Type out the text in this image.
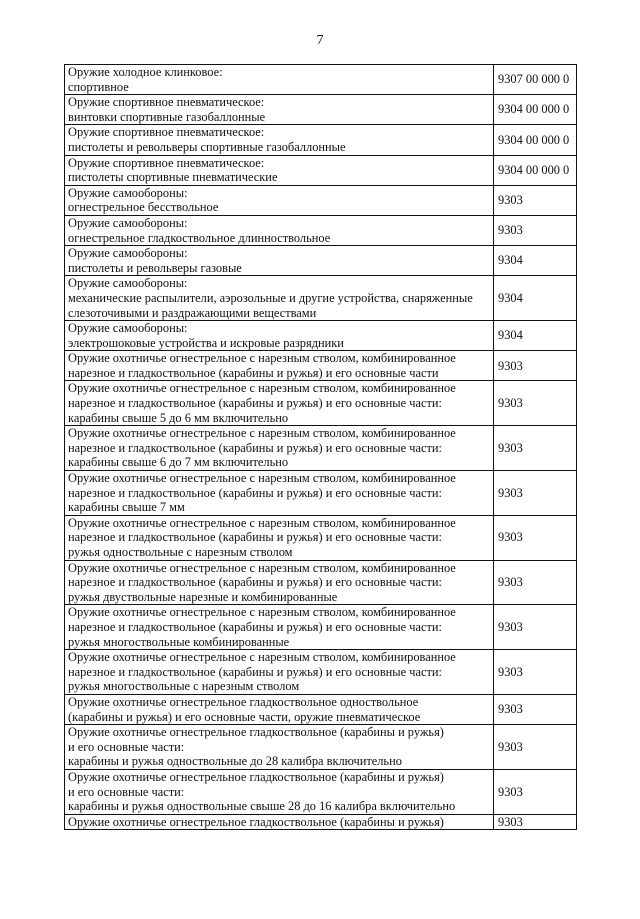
7
Оружие холодное клинковое:
спортивное	9307 00 000 0

Оружие спортивное пневматическое:
винтовки спортивные газобаллонные	9304 00 000 0

Оружие спортивное пневматическое:
пистолеты и револьверы спортивные газобаллонные	9304 00 000 0

Оружие спортивное пневматическое:
пистолеты спортивные пневматические	9304 00 000 0

Оружие самообороны:
огнестрельное бесствольное	9303

Оружие самообороны:
огнестрельное гладкоствольное длинноствольное	9303

Оружие самообороны:
пистолеты и револьверы газовые	9304

Оружие самообороны:
механические распылители, аэрозольные и другие устройства, снаряженные
слезоточивыми и раздражающими веществами	9304

Оружие самообороны:
электрошоковые устройства и искровые разрядники	9304

Оружие охотничье огнестрельное с нарезным стволом, комбинированное
нарезное и гладкоствольное (карабины и ружья) и его основные части	9303

Оружие охотничье огнестрельное с нарезным стволом, комбинированное
нарезное и гладкоствольное (карабины и ружья) и его основные части:
карабины свыше 5 до 6 мм включительно	9303

Оружие охотничье огнестрельное с нарезным стволом, комбинированное
нарезное и гладкоствольное (карабины и ружья) и его основные части:
карабины свыше 6 до 7 мм включительно	9303

Оружие охотничье огнестрельное с нарезным стволом, комбинированное
нарезное и гладкоствольное (карабины и ружья) и его основные части:
карабины свыше 7 мм	9303

Оружие охотничье огнестрельное с нарезным стволом, комбинированное
нарезное и гладкоствольное (карабины и ружья) и его основные части:
ружья одноствольные с нарезным стволом	9303

Оружие охотничье огнестрельное с нарезным стволом, комбинированное
нарезное и гладкоствольное (карабины и ружья) и его основные части:
ружья двуствольные нарезные и комбинированные	9303

Оружие охотничье огнестрельное с нарезным стволом, комбинированное
нарезное и гладкоствольное (карабины и ружья) и его основные части:
ружья многоствольные комбинированные	9303

Оружие охотничье огнестрельное с нарезным стволом, комбинированное
нарезное и гладкоствольное (карабины и ружья) и его основные части:
ружья многоствольные с нарезным стволом	9303

Оружие охотничье огнестрельное гладкоствольное одноствольное
(карабины и ружья) и его основные части, оружие пневматическое	9303

Оружие охотничье огнестрельное гладкоствольное (карабины и ружья)
и его основные части:
карабины и ружья одноствольные до 28 калибра включительно	9303

Оружие охотничье огнестрельное гладкоствольное (карабины и ружья)
и его основные части:
карабины и ружья одноствольные свыше 28 до 16 калибра включительно	9303

Оружие охотничье огнестрельное гладкоствольное (карабины и ружья)	9303
